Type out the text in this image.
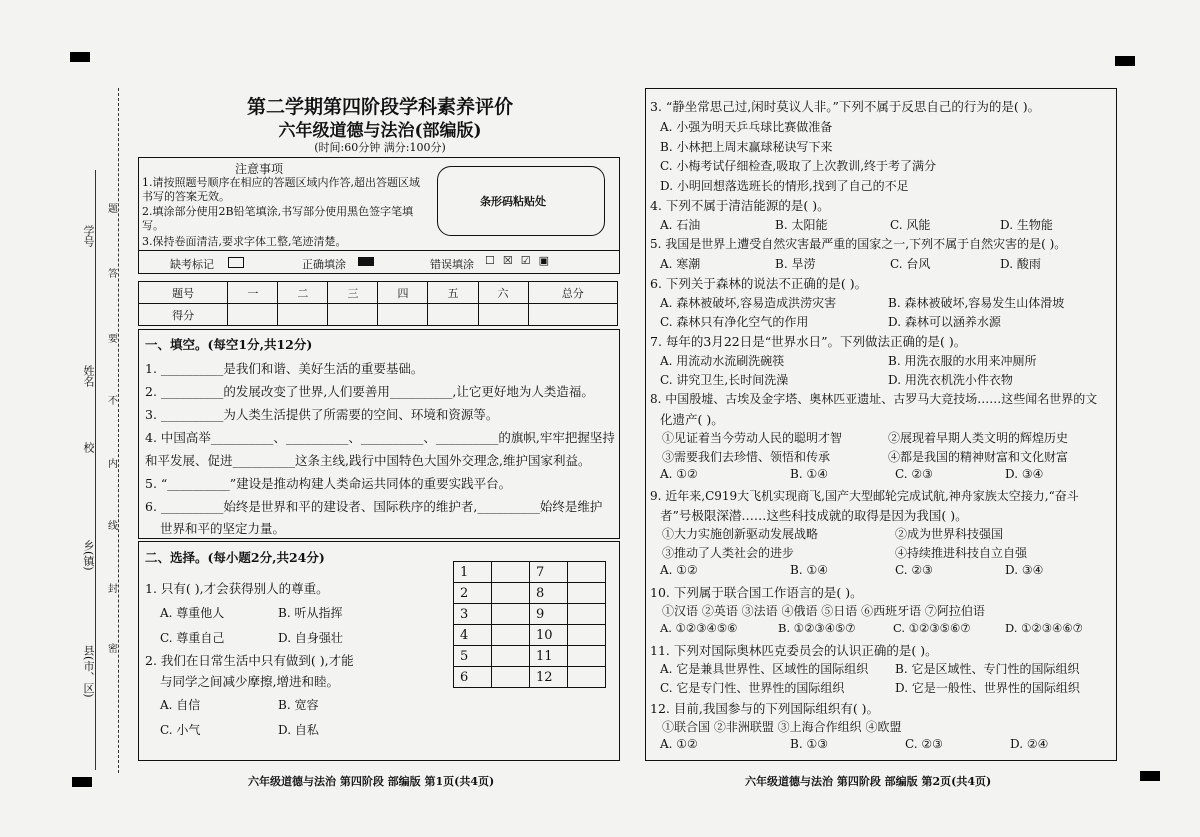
学号
姓名
校
乡(镇)
县(市、区)
题
答
要
不
内
线
封
密
第二学期第四阶段学科素养评价
六年级道德与法治(部编版)
(时间:60分钟 满分:100分)
注意事项
1.请按照题号顺序在相应的答题区域内作答,超出答题区域书写的答案无效。
2.填涂部分使用2B铅笔填涂,书写部分使用黑色签字笔填写。
3.保持卷面清洁,要求字体工整,笔迹清楚。
条形码粘贴处
缺考标记	正确填涂	错误填涂 ☐☒☑▣
题号	一	二	三	四	五	六	总分
得分							
一、填空。(每空1分,共12分)
1. __________是我们和谐、美好生活的重要基础。
2. __________的发展改变了世界,人们要善用__________,让它更好地为人类造福。
3. __________为人类生活提供了所需要的空间、环境和资源等。
4. 中国高举__________、__________、__________、__________的旗帜,牢牢把握坚持
和平发展、促进__________这条主线,践行中国特色大国外交理念,维护国家利益。
5. “__________”建设是推动构建人类命运共同体的重要实践平台。
6. __________始终是世界和平的建设者、国际秩序的维护者,__________始终是维护
世界和平的坚定力量。
二、选择。(每小题2分,共24分)
1		7	
2		8	
3		9	
4		10	
5		11	
6		12	
1. 只有( ),才会获得别人的尊重。
A. 尊重他人	B. 听从指挥
C. 尊重自己	D. 自身强壮
2. 我们在日常生活中只有做到( ),才能
与同学之间减少摩擦,增进和睦。
A. 自信	B. 宽容
C. 小气	D. 自私
3. “静坐常思己过,闲时莫议人非。”下列不属于反思自己的行为的是( )。
A. 小强为明天乒乓球比赛做准备
B. 小林把上周末赢球秘诀写下来
C. 小梅考试仔细检查,吸取了上次教训,终于考了满分
D. 小明回想落选班长的情形,找到了自己的不足
4. 下列不属于清洁能源的是( )。
A. 石油	B. 太阳能	C. 风能	D. 生物能
5. 我国是世界上遭受自然灾害最严重的国家之一,下列不属于自然灾害的是( )。
A. 寒潮	B. 旱涝	C. 台风	D. 酸雨
6. 下列关于森林的说法不正确的是( )。
A. 森林被破坏,容易造成洪涝灾害	B. 森林被破坏,容易发生山体滑坡
C. 森林只有净化空气的作用	D. 森林可以涵养水源
7. 每年的3月22日是“世界水日”。下列做法正确的是( )。
A. 用流动水流刷洗碗筷	B. 用洗衣服的水用来冲厕所
C. 讲究卫生,长时间洗澡	D. 用洗衣机洗小件衣物
8. 中国殷墟、古埃及金字塔、奥林匹亚遗址、古罗马大竞技场……这些闻名世界的文
化遗产( )。
①见证着当今劳动人民的聪明才智	②展现着早期人类文明的辉煌历史
③需要我们去珍惜、领悟和传承	④都是我国的精神财富和文化财富
A. ①②	B. ①④	C. ②③	D. ③④
9. 近年来,C919大飞机实现商飞,国产大型邮轮完成试航,神舟家族太空接力,“奋斗
者”号极限深潜……这些科技成就的取得是因为我国( )。
①大力实施创新驱动发展战略	②成为世界科技强国
③推动了人类社会的进步	④持续推进科技自立自强
A. ①②	B. ①④	C. ②③	D. ③④
10. 下列属于联合国工作语言的是( )。
①汉语 ②英语 ③法语 ④俄语 ⑤日语 ⑥西班牙语 ⑦阿拉伯语
A. ①②③④⑤⑥	B. ①②③④⑤⑦	C. ①②③⑤⑥⑦	D. ①②③④⑥⑦
11. 下列对国际奥林匹克委员会的认识正确的是( )。
A. 它是兼具世界性、区域性的国际组织 B. 它是区域性、专门性的国际组织
C. 它是专门性、世界性的国际组织	D. 它是一般性、世界性的国际组织
12. 目前,我国参与的下列国际组织有( )。
①联合国 ②非洲联盟 ③上海合作组织 ④欧盟
A. ①②	B. ①③	C. ②③	D. ②④
六年级道德与法治 第四阶段 部编版 第1页(共4页)	六年级道德与法治 第四阶段 部编版 第2页(共4页)
